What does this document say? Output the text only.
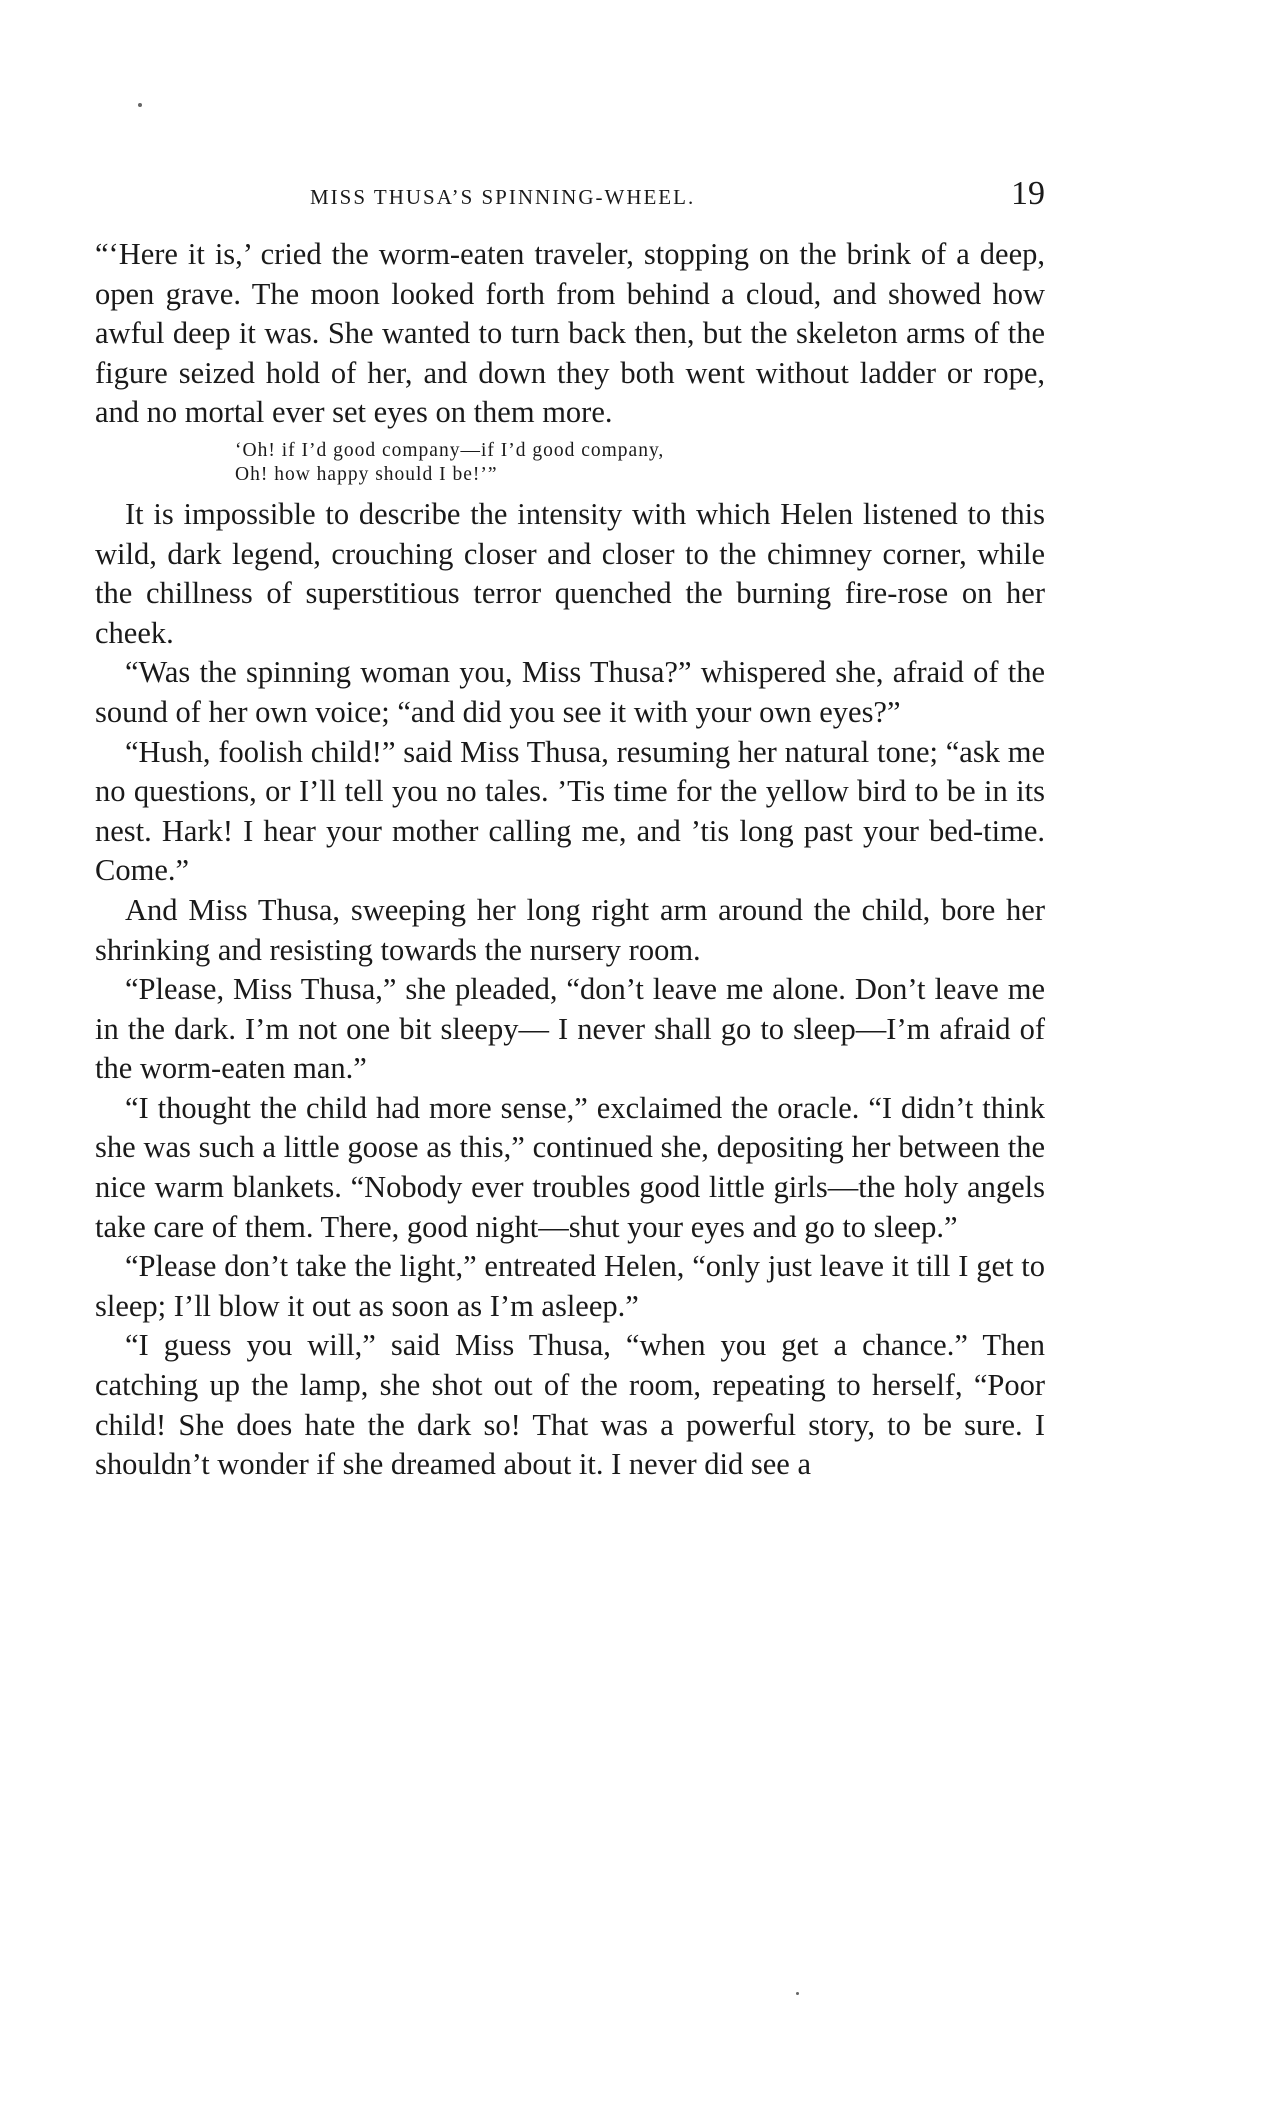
MISS THUSA’S SPINNING-WHEEL.	19

“‘Here it is,’ cried the worm-eaten traveler, stopping on the brink of a deep, open grave. The moon looked forth from behind a cloud, and showed how awful deep it was. She wanted to turn back then, but the skeleton arms of the figure seized hold of her, and down they both went without ladder or rope, and no mortal ever set eyes on them more.

‘Oh! if I’d good company—if I’d good company,
Oh! how happy should I be!’”

It is impossible to describe the intensity with which Helen listened to this wild, dark legend, crouching closer and closer to the chimney corner, while the chillness of superstitious terror quenched the burning fire-rose on her cheek.

“Was the spinning woman you, Miss Thusa?” whispered she, afraid of the sound of her own voice; “and did you see it with your own eyes?”

“Hush, foolish child!” said Miss Thusa, resuming her natural tone; “ask me no questions, or I’ll tell you no tales. ’Tis time for the yellow bird to be in its nest. Hark! I hear your mother calling me, and ’tis long past your bed-time. Come.”

And Miss Thusa, sweeping her long right arm around the child, bore her shrinking and resisting towards the nursery room.

“Please, Miss Thusa,” she pleaded, “don’t leave me alone. Don’t leave me in the dark. I’m not one bit sleepy— I never shall go to sleep—I’m afraid of the worm-eaten man.”

“I thought the child had more sense,” exclaimed the oracle. “I didn’t think she was such a little goose as this,” continued she, depositing her between the nice warm blankets. “Nobody ever troubles good little girls—the holy angels take care of them. There, good night—shut your eyes and go to sleep.”

“Please don’t take the light,” entreated Helen, “only just leave it till I get to sleep; I’ll blow it out as soon as I’m asleep.”

“I guess you will,” said Miss Thusa, “when you get a chance.” Then catching up the lamp, she shot out of the room, repeating to herself, “Poor child! She does hate the dark so! That was a powerful story, to be sure. I shouldn’t wonder if she dreamed about it. I never did see a
